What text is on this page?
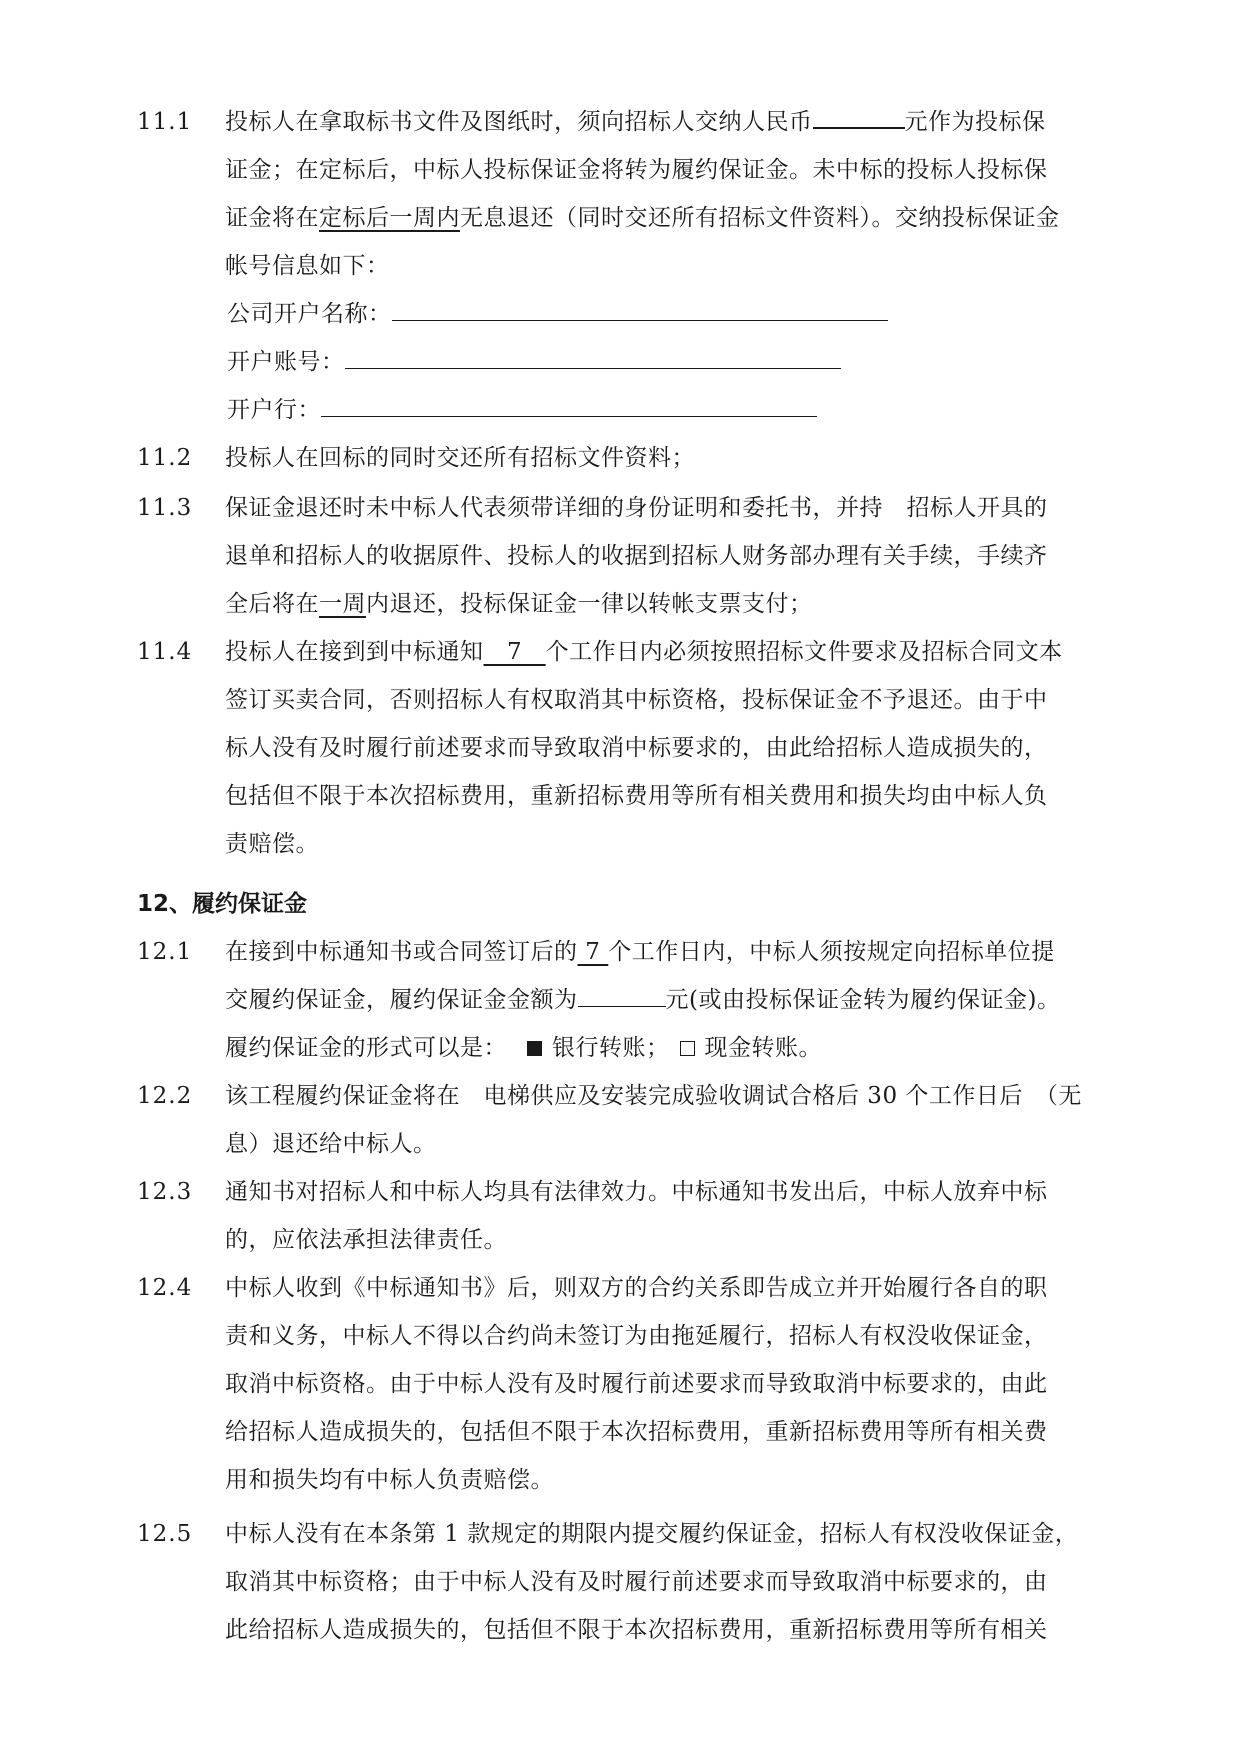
11.1	投标人在拿取标书文件及图纸时，须向招标人交纳人民币	元作为投标保
证金；在定标后，中标人投标保证金将转为履约保证金。未中标的投标人投标保
证金将在定标后一周内无息退还（同时交还所有招标文件资料）。交纳投标保证金
帐号信息如下：
公司开户名称：
开户账号：
开户行：
11.2	投标人在回标的同时交还所有招标文件资料；
11.3	保证金退还时未中标人代表须带详细的身份证明和委托书，并持　招标人开具的
退单和招标人的收据原件、投标人的收据到招标人财务部办理有关手续，手续齐
全后将在一周内退还，投标保证金一律以转帐支票支付；
11.4	投标人在接到到中标通知　7　个工作日内必须按照招标文件要求及招标合同文本
签订买卖合同，否则招标人有权取消其中标资格，投标保证金不予退还。由于中
标人没有及时履行前述要求而导致取消中标要求的，由此给招标人造成损失的，
包括但不限于本次招标费用，重新招标费用等所有相关费用和损失均由中标人负
责赔偿。
12、履约保证金
12.1	在接到中标通知书或合同签订后的 7 个工作日内，中标人须按规定向招标单位提
交履约保证金，履约保证金金额为	元(或由投标保证金转为履约保证金)。
履约保证金的形式可以是： 银行转账； 现金转账。
12.2	该工程履约保证金将在　电梯供应及安装完成验收调试合格后 30 个工作日后　（无
息）退还给中标人。
12.3	通知书对招标人和中标人均具有法律效力。中标通知书发出后，中标人放弃中标
的，应依法承担法律责任。
12.4	中标人收到《中标通知书》后，则双方的合约关系即告成立并开始履行各自的职
责和义务，中标人不得以合约尚未签订为由拖延履行，招标人有权没收保证金，
取消中标资格。由于中标人没有及时履行前述要求而导致取消中标要求的，由此
给招标人造成损失的，包括但不限于本次招标费用，重新招标费用等所有相关费
用和损失均有中标人负责赔偿。
12.5	中标人没有在本条第 1 款规定的期限内提交履约保证金，招标人有权没收保证金，
取消其中标资格；由于中标人没有及时履行前述要求而导致取消中标要求的，由
此给招标人造成损失的，包括但不限于本次招标费用，重新招标费用等所有相关
